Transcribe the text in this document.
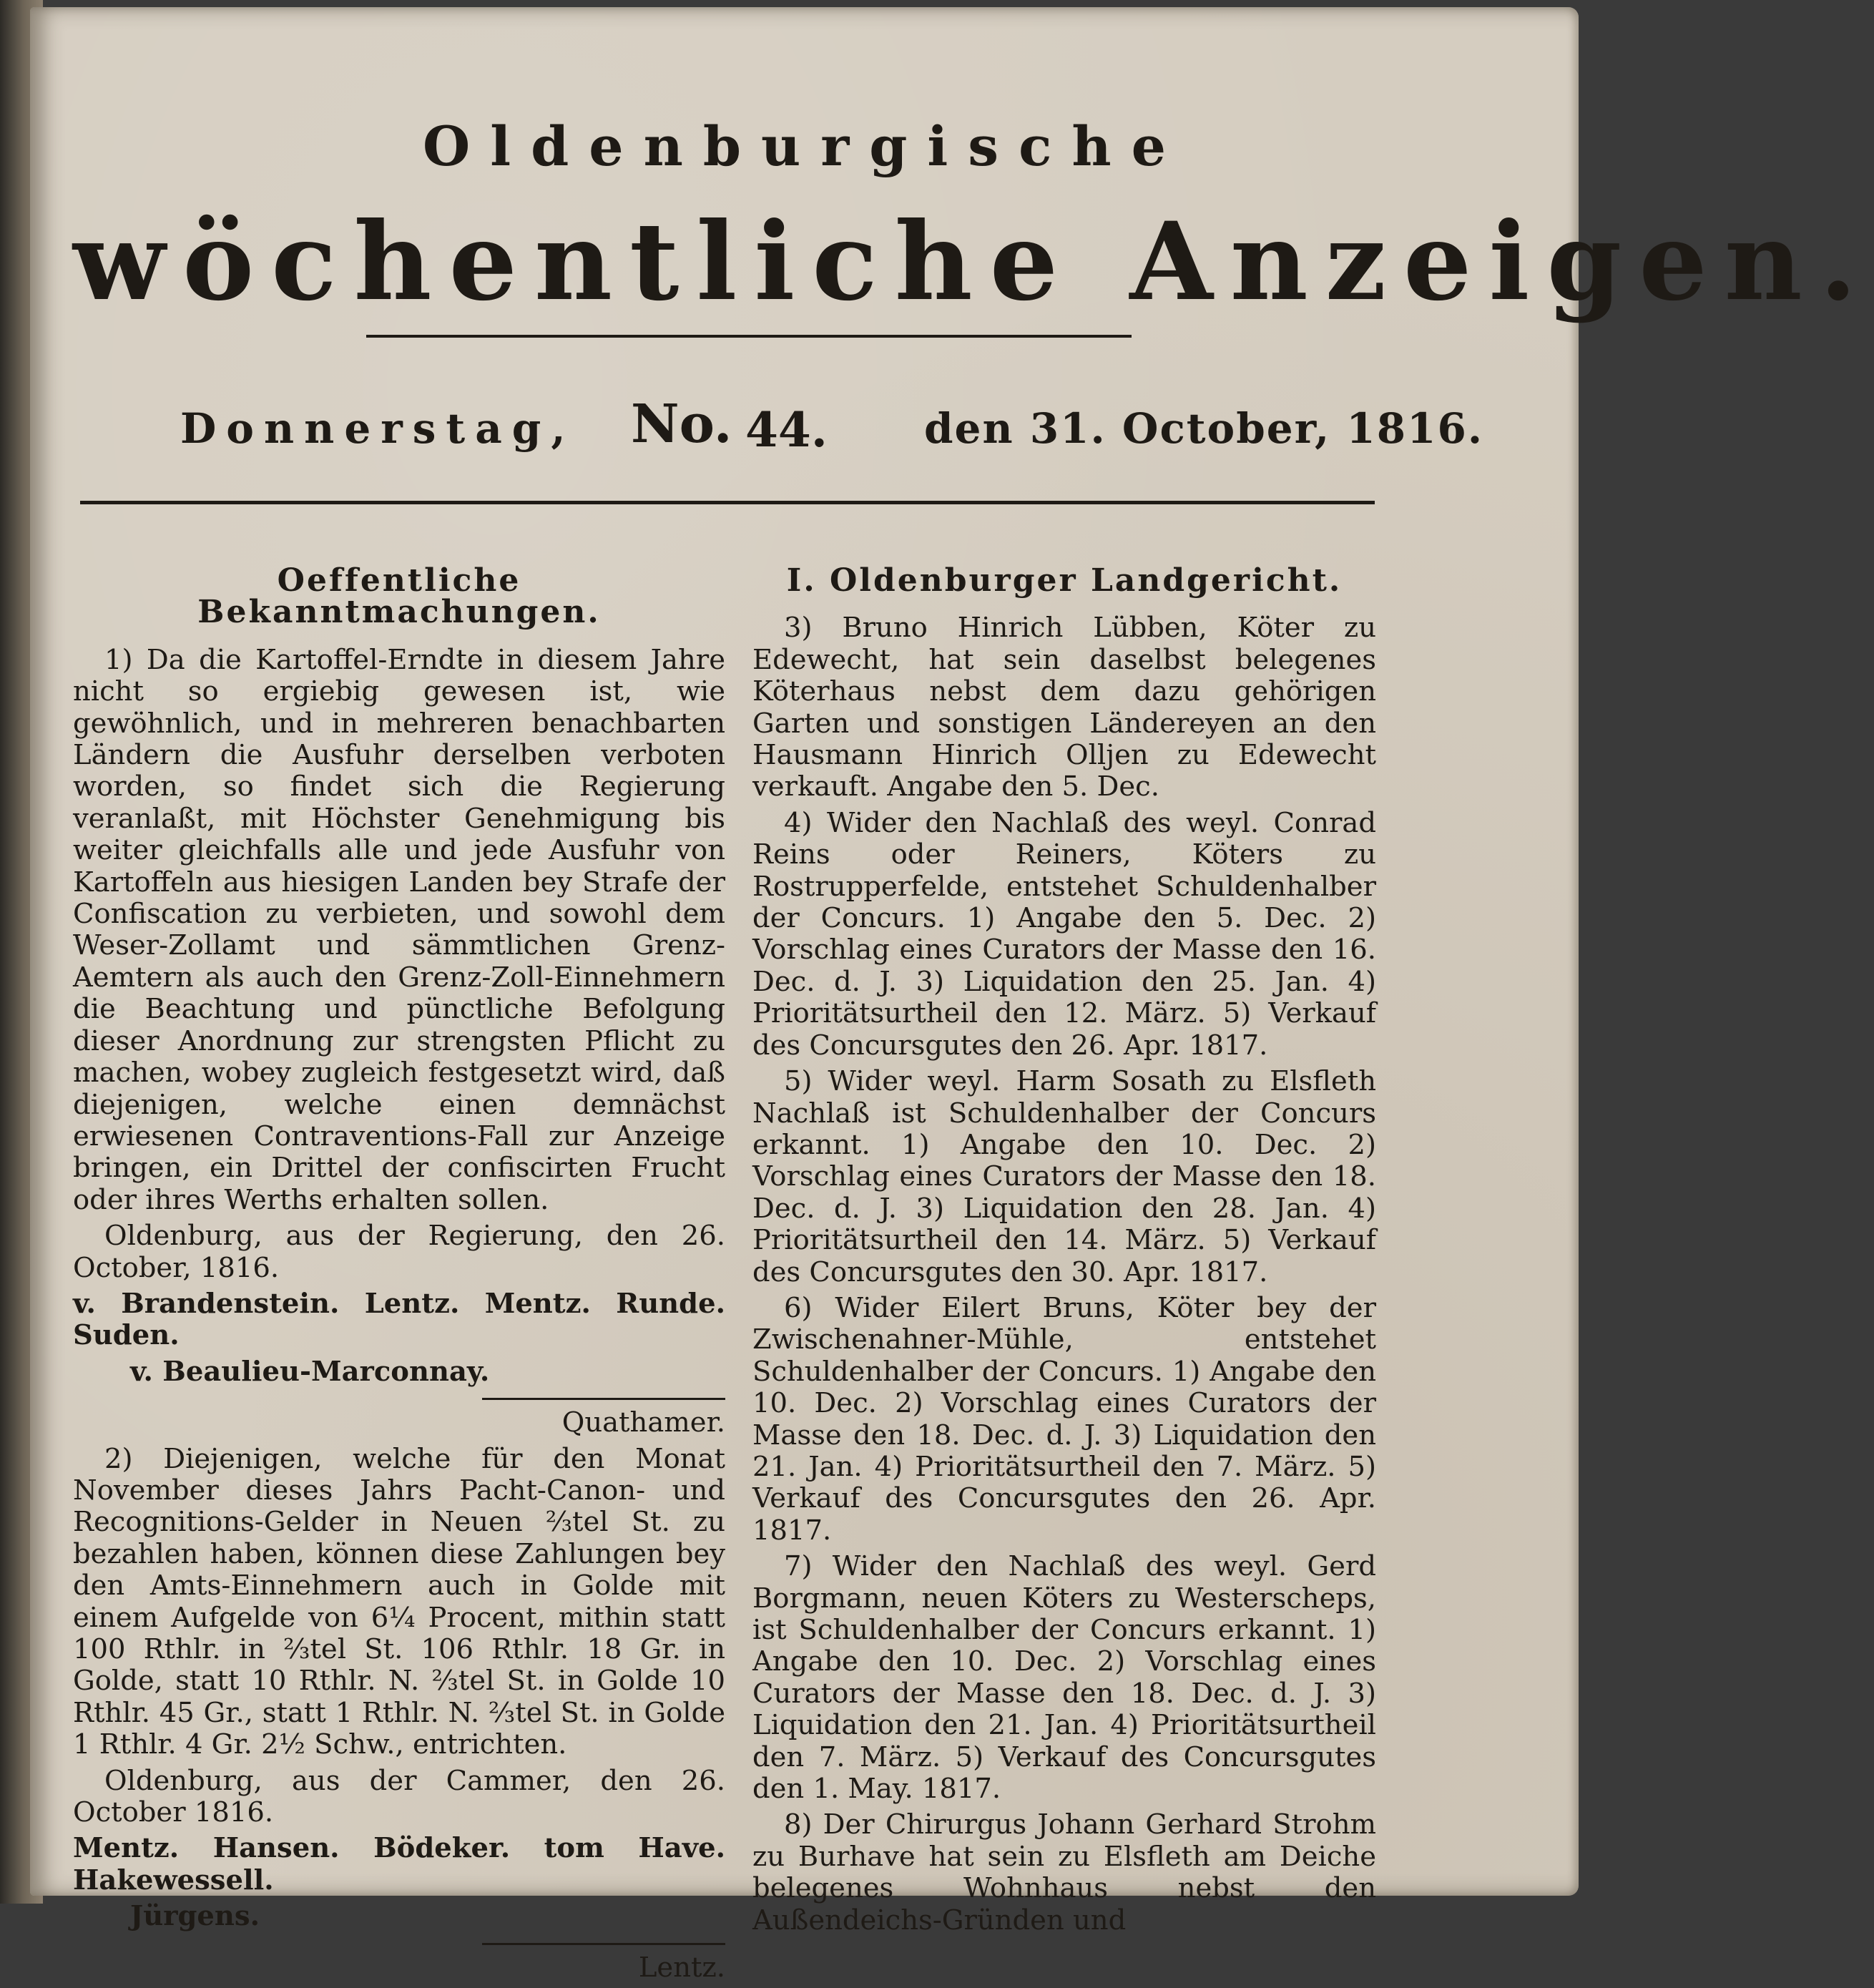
Oldenburgische
wöchentliche Anzeigen.
Donnerstag, No. 44. den 31. October, 1816.

Oeffentliche Bekanntmachungen.

1) Da die Kartoffel-Erndte in diesem Jahre nicht so ergiebig gewesen ist, wie gewöhnlich, und in mehreren benachbarten Ländern die Ausfuhr derselben verboten worden, so findet sich die Regierung veranlaßt, mit Höchster Genehmigung bis weiter gleichfalls alle und jede Ausfuhr von Kartoffeln aus hiesigen Landen bey Strafe der Confiscation zu verbieten, und sowohl dem Weser-Zollamt und sämmtlichen Grenz-Aemtern als auch den Grenz-Zoll-Einnehmern die Beachtung und pünctliche Befolgung dieser Anordnung zur strengsten Pflicht zu machen, wobey zugleich festgesetzt wird, daß diejenigen, welche einen demnächst erwiesenen Contraventions-Fall zur Anzeige bringen, ein Drittel der confiscirten Frucht oder ihres Werths erhalten sollen.

Oldenburg, aus der Regierung, den 26. October, 1816.

v. Brandenstein. Lentz. Mentz. Runde. Suden.

v. Beaulieu-Marconnay.

Quathamer.

2) Diejenigen, welche für den Monat November dieses Jahrs Pacht-Canon- und Recognitions-Gelder in Neuen ⅔tel St. zu bezahlen haben, können diese Zahlungen bey den Amts-Einnehmern auch in Golde mit einem Aufgelde von 6¼ Procent, mithin statt 100 Rthlr. in ⅔tel St. 106 Rthlr. 18 Gr. in Golde, statt 10 Rthlr. N. ⅔tel St. in Golde 10 Rthlr. 45 Gr., statt 1 Rthlr. N. ⅔tel St. in Golde 1 Rthlr. 4 Gr. 2½ Schw., entrichten.

Oldenburg, aus der Cammer, den 26. October 1816.

Mentz. Hansen. Bödeker. tom Have. Hakewessell.

Jürgens.

Lentz.

I. Oldenburger Landgericht.

3) Bruno Hinrich Lübben, Köter zu Edewecht, hat sein daselbst belegenes Köterhaus nebst dem dazu gehörigen Garten und sonstigen Ländereyen an den Hausmann Hinrich Olljen zu Edewecht verkauft. Angabe den 5. Dec.

4) Wider den Nachlaß des weyl. Conrad Reins oder Reiners, Köters zu Rostrupperfelde, entstehet Schuldenhalber der Concurs. 1) Angabe den 5. Dec. 2) Vorschlag eines Curators der Masse den 16. Dec. d. J. 3) Liquidation den 25. Jan. 4) Prioritätsurtheil den 12. März. 5) Verkauf des Concursgutes den 26. Apr. 1817.

5) Wider weyl. Harm Sosath zu Elsfleth Nachlaß ist Schuldenhalber der Concurs erkannt. 1) Angabe den 10. Dec. 2) Vorschlag eines Curators der Masse den 18. Dec. d. J. 3) Liquidation den 28. Jan. 4) Prioritätsurtheil den 14. März. 5) Verkauf des Concursgutes den 30. Apr. 1817.

6) Wider Eilert Bruns, Köter bey der Zwischenahner-Mühle, entstehet Schuldenhalber der Concurs. 1) Angabe den 10. Dec. 2) Vorschlag eines Curators der Masse den 18. Dec. d. J. 3) Liquidation den 21. Jan. 4) Prioritätsurtheil den 7. März. 5) Verkauf des Concursgutes den 26. Apr. 1817.

7) Wider den Nachlaß des weyl. Gerd Borgmann, neuen Köters zu Westerscheps, ist Schuldenhalber der Concurs erkannt. 1) Angabe den 10. Dec. 2) Vorschlag eines Curators der Masse den 18. Dec. d. J. 3) Liquidation den 21. Jan. 4) Prioritätsurtheil den 7. März. 5) Verkauf des Concursgutes den 1. May. 1817.

8) Der Chirurgus Johann Gerhard Strohm zu Burhave hat sein zu Elsfleth am Deiche belegenes Wohnhaus nebst den Außendeichs-Gründen und
